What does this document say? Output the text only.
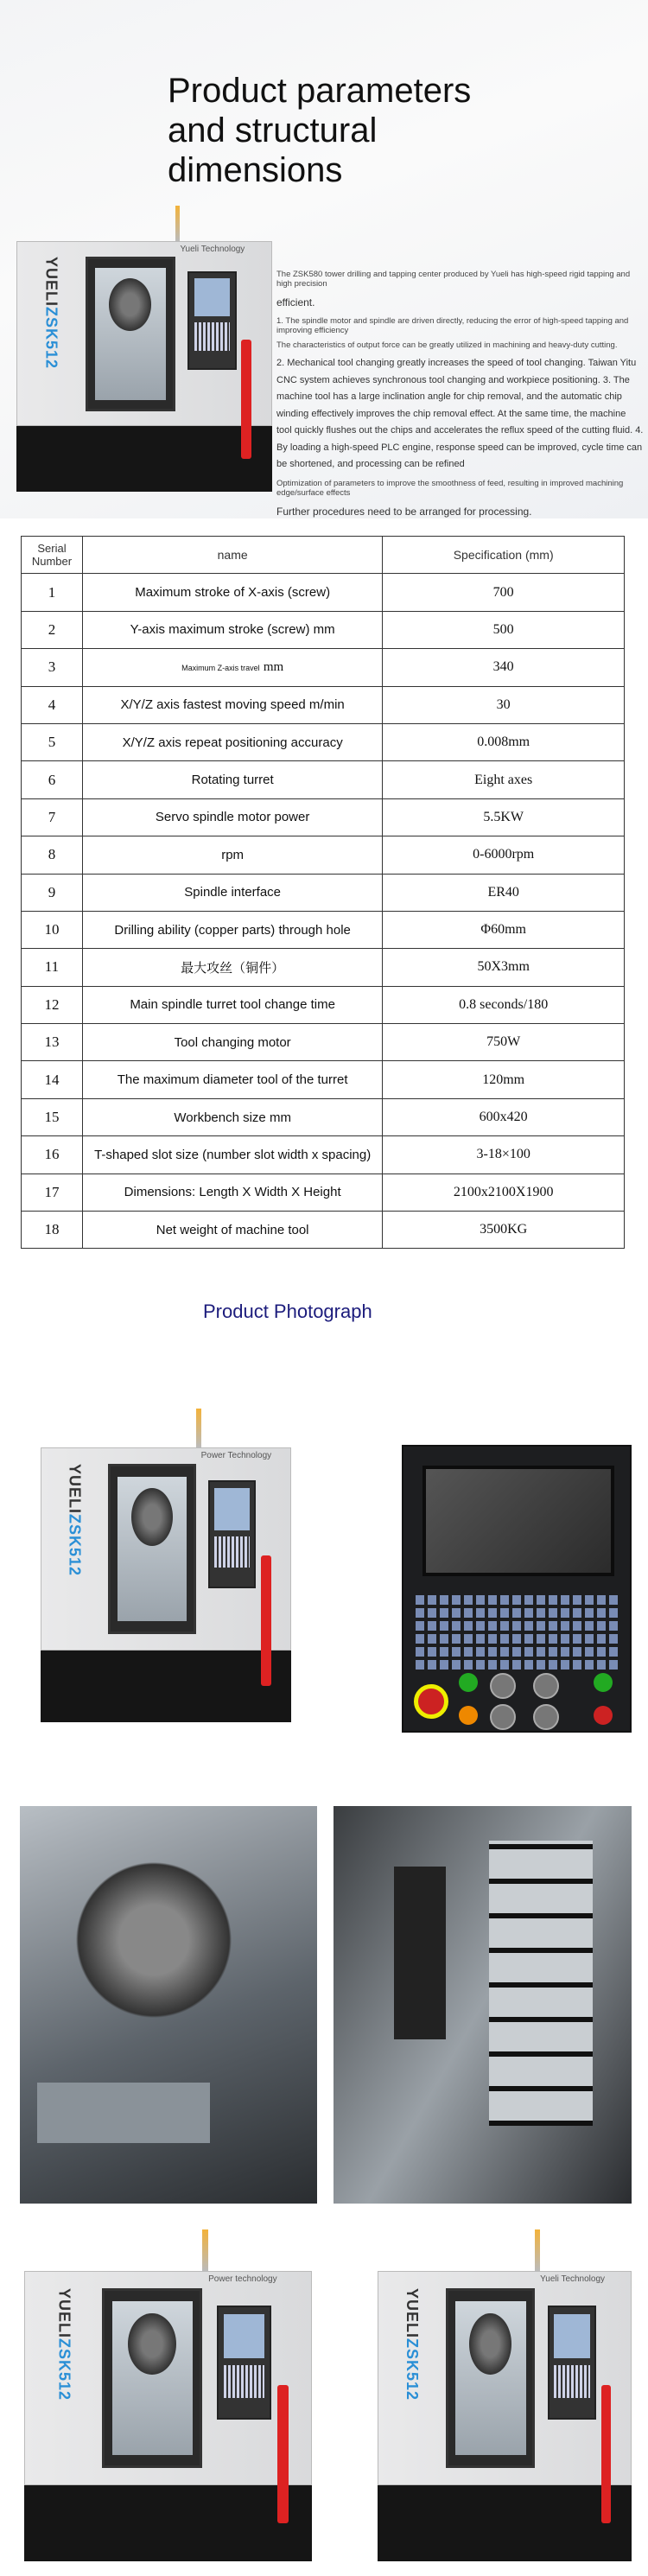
Product parameters
and structural
dimensions
YUELIZSK512
Yueli Technology

The ZSK580 tower drilling and tapping center produced by Yueli has high-speed rigid tapping and high precision

efficient.

1. The spindle motor and spindle are driven directly, reducing the error of high-speed tapping and improving efficiency

The characteristics of output force can be greatly utilized in machining and heavy-duty cutting.

2. Mechanical tool changing greatly increases the speed of tool changing. Taiwan Yitu CNC system achieves synchronous tool changing and workpiece positioning. 3. The machine tool has a large inclination angle for chip removal, and the automatic chip winding effectively improves the chip removal effect. At the same time, the machine tool quickly flushes out the chips and accelerates the reflux speed of the cutting fluid. 4. By loading a high-speed PLC engine, response speed can be improved, cycle time can be shortened, and processing can be refined

Optimization of parameters to improve the smoothness of feed, resulting in improved machining edge/surface effects

Further procedures need to be arranged for processing.

Serial Number	name	Specification (mm)
1	Maximum stroke of X-axis (screw)	700
2	Y-axis maximum stroke (screw) mm	500
3	Maximum Z-axis travel mm	340
4	X/Y/Z axis fastest moving speed m/min	30
5	X/Y/Z axis repeat positioning accuracy	0.008mm
6	Rotating turret	Eight axes
7	Servo spindle motor power	5.5KW
8	rpm	0-6000rpm
9	Spindle interface	ER40
10	Drilling ability (copper parts) through hole	Φ60mm
11	最大攻丝（铜件）	50X3mm
12	Main spindle turret tool change time	0.8 seconds/180
13	Tool changing motor	750W
14	The maximum diameter tool of the turret	120mm
15	Workbench size mm	600x420
16	T-shaped slot size (number slot width x spacing)	3-18×100
17	Dimensions: Length X Width X Height	2100x2100X1900
18	Net weight of machine tool	3500KG
Product Photograph
YUELIZSK512
Power Technology
YUELIZSK512
Power technology
YUELIZSK512
Yueli Technology
